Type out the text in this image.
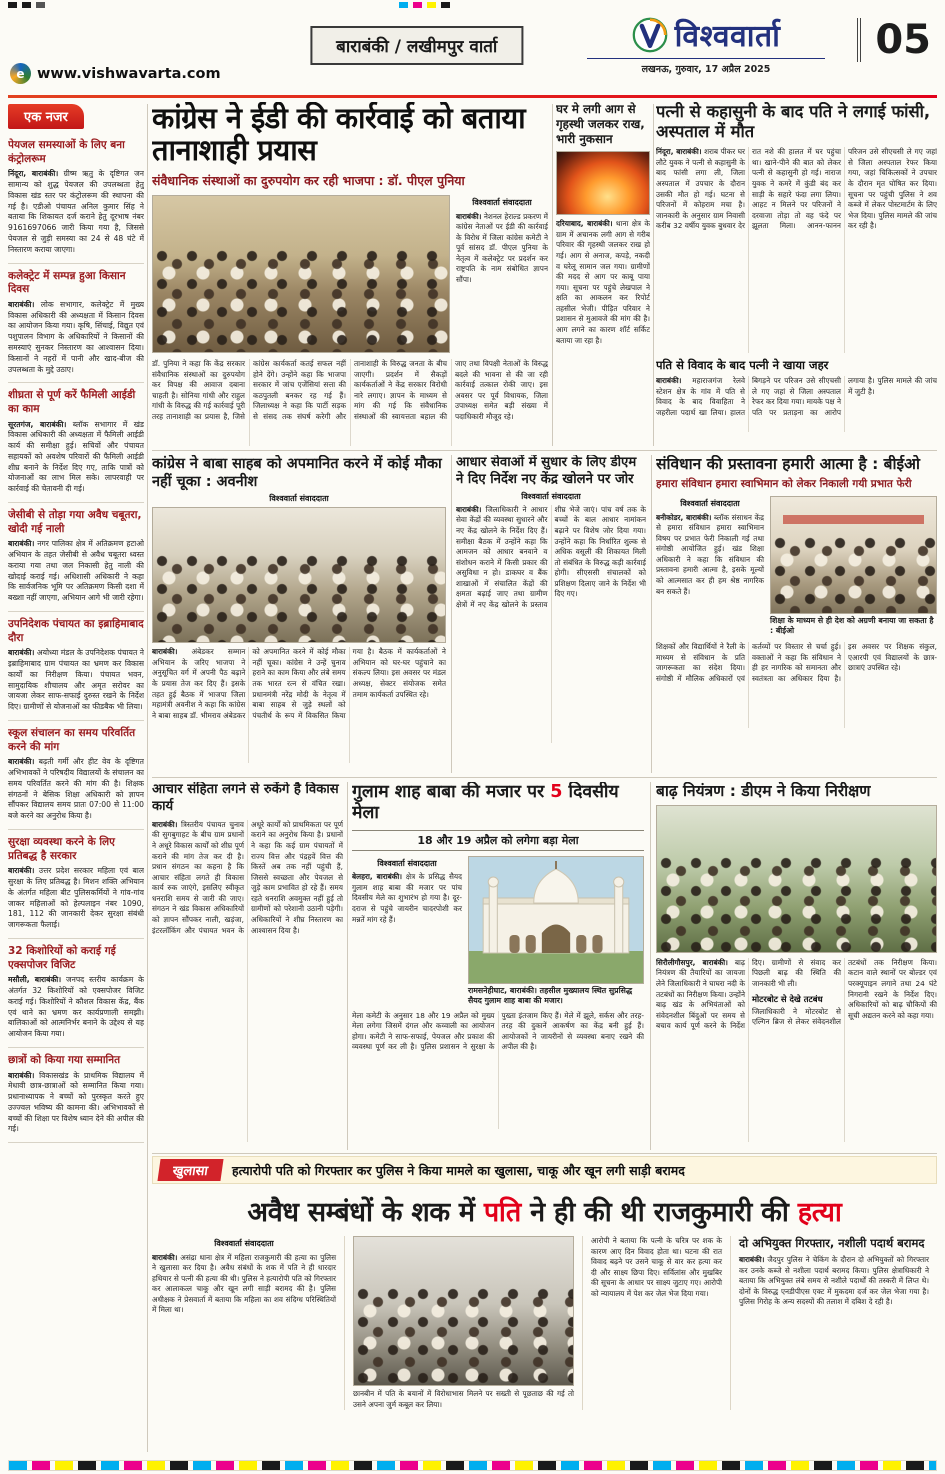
e www.vishwavarta.com
बाराबंकी / लखीमपुर वार्ता	विश्ववार्ता
लखनऊ, गुरुवार, 17 अप्रैल 2025
05
एक नजर
पेयजल समस्याओं के लिए बना कंट्रोलरूम
निंदूरा, बाराबंकी। ग्रीष्म ऋतु के दृष्टिगत जन सामान्य को शुद्ध पेयजल की उपलब्धता हेतु विकास खंड स्तर पर कंट्रोलरूम की स्थापना की गई है। एडीओ पंचायत अनिल कुमार सिंह ने बताया कि शिकायत दर्ज कराने हेतु दूरभाष नंबर 9161697066 जारी किया गया है, जिससे पेयजल से जुड़ी समस्या का 24 से 48 घंटे में निस्तारण कराया जाएगा।
कलेक्ट्रेट में सम्पन्न हुआ किसान दिवस
बाराबंकी। लोक सभागार, कलेक्ट्रेट में मुख्य विकास अधिकारी की अध्यक्षता में किसान दिवस का आयोजन किया गया। कृषि, सिंचाई, विद्युत एवं पशुपालन विभाग के अधिकारियों ने किसानों की समस्याएं सुनकर निस्तारण का आश्वासन दिया। किसानों ने नहरों में पानी और खाद-बीज की उपलब्धता के मुद्दे उठाए।
शीघ्रता से पूर्ण करें फैमिली आईडी का काम
सूरतगंज, बाराबंकी। ब्लॉक सभागार में खंड विकास अधिकारी की अध्यक्षता में फैमिली आईडी कार्य की समीक्षा हुई। सचिवों और पंचायत सहायकों को अवशेष परिवारों की फैमिली आईडी शीघ्र बनाने के निर्देश दिए गए, ताकि पात्रों को योजनाओं का लाभ मिल सके। लापरवाही पर कार्रवाई की चेतावनी दी गई।
जेसीबी से तोड़ा गया अवैध चबूतरा, खोदी गई नाली
बाराबंकी। नगर पालिका क्षेत्र में अतिक्रमण हटाओ अभियान के तहत जेसीबी से अवैध चबूतरा ध्वस्त कराया गया तथा जल निकासी हेतु नाली की खोदाई कराई गई। अधिशासी अधिकारी ने कहा कि सार्वजनिक भूमि पर अतिक्रमण किसी दशा में बख्शा नहीं जाएगा, अभियान आगे भी जारी रहेगा।
उपनिदेशक पंचायत का इब्राहिमाबाद दौरा
बाराबंकी। अयोध्या मंडल के उपनिदेशक पंचायत ने इब्राहिमाबाद ग्राम पंचायत का भ्रमण कर विकास कार्यों का निरीक्षण किया। पंचायत भवन, सामुदायिक शौचालय और अमृत सरोवर का जायजा लेकर साफ-सफाई दुरुस्त रखने के निर्देश दिए। ग्रामीणों से योजनाओं का फीडबैक भी लिया।
स्कूल संचालन का समय परिवर्तित करने की मांग
बाराबंकी। बढ़ती गर्मी और हीट वेव के दृष्टिगत अभिभावकों ने परिषदीय विद्यालयों के संचालन का समय परिवर्तित करने की मांग की है। शिक्षक संगठनों ने बेसिक शिक्षा अधिकारी को ज्ञापन सौंपकर विद्यालय समय प्रातः 07:00 से 11:00 बजे करने का अनुरोध किया है।
सुरक्षा व्यवस्था करने के लिए प्रतिबद्ध है सरकार
बाराबंकी। उत्तर प्रदेश सरकार महिला एवं बाल सुरक्षा के लिए प्रतिबद्ध है। मिशन शक्ति अभियान के अंतर्गत महिला बीट पुलिसकर्मियों ने गांव-गांव जाकर महिलाओं को हेल्पलाइन नंबर 1090, 181, 112 की जानकारी देकर सुरक्षा संबंधी जागरूकता फैलाई।
32 किशोरियों को कराई गई एक्सपोजर विजिट
मसौली, बाराबंकी। जनपद स्तरीय कार्यक्रम के अंतर्गत 32 किशोरियों को एक्सपोजर विजिट कराई गई। किशोरियों ने कौशल विकास केंद्र, बैंक एवं थाने का भ्रमण कर कार्यप्रणाली समझी। बालिकाओं को आत्मनिर्भर बनाने के उद्देश्य से यह आयोजन किया गया।
छात्रों को किया गया सम्मानित
बाराबंकी। विकासखंड के प्राथमिक विद्यालय में मेधावी छात्र-छात्राओं को सम्मानित किया गया। प्रधानाध्यापक ने बच्चों को पुरस्कृत करते हुए उज्ज्वल भविष्य की कामना की। अभिभावकों से बच्चों की शिक्षा पर विशेष ध्यान देने की अपील की गई।
कांग्रेस ने ईडी की कार्रवाई को बताया तानाशाही प्रयास
संवैधानिक संस्थाओं का दुरुपयोग कर रही भाजपा : डॉ. पीएल पुनिया
विश्ववार्ता संवाददाता
बाराबंकी। नेशनल हेराल्ड प्रकरण में कांग्रेस नेताओं पर ईडी की कार्रवाई के विरोध में जिला कांग्रेस कमेटी ने पूर्व सांसद डॉ. पीएल पुनिया के नेतृत्व में कलेक्ट्रेट पर प्रदर्शन कर राष्ट्रपति के नाम संबोधित ज्ञापन सौंपा।
डॉ. पुनिया ने कहा कि केंद्र सरकार संवैधानिक संस्थाओं का दुरुपयोग कर विपक्ष की आवाज दबाना चाहती है। सोनिया गांधी और राहुल गांधी के विरुद्ध की गई कार्रवाई पूरी तरह तानाशाही का प्रयास है, जिसे कांग्रेस कार्यकर्ता कतई सफल नहीं होने देंगे। उन्होंने कहा कि भाजपा सरकार में जांच एजेंसियां सत्ता की कठपुतली बनकर रह गई हैं। जिलाध्यक्ष ने कहा कि पार्टी सड़क से संसद तक संघर्ष करेगी और तानाशाही के विरुद्ध जनता के बीच जाएगी। प्रदर्शन में सैकड़ों कार्यकर्ताओं ने केंद्र सरकार विरोधी नारे लगाए। ज्ञापन के माध्यम से मांग की गई कि संवैधानिक संस्थाओं की स्वायत्तता बहाल की जाए तथा विपक्षी नेताओं के विरुद्ध बदले की भावना से की जा रही कार्रवाई तत्काल रोकी जाए। इस अवसर पर पूर्व विधायक, जिला उपाध्यक्ष समेत बड़ी संख्या में पदाधिकारी मौजूद रहे।
घर मे लगी आग से गृहस्थी जलकर राख, भारी नुकसान
दरियाबाद, बाराबंकी। थाना क्षेत्र के ग्राम में अचानक लगी आग से गरीब परिवार की गृहस्थी जलकर राख हो गई। आग से अनाज, कपड़े, नकदी व घरेलू सामान जल गया। ग्रामीणों की मदद से आग पर काबू पाया गया। सूचना पर पहुंचे लेखपाल ने क्षति का आकलन कर रिपोर्ट तहसील भेजी। पीड़ित परिवार ने प्रशासन से मुआवजे की मांग की है। आग लगने का कारण शॉर्ट सर्किट बताया जा रहा है।
पत्नी से कहासुनी के बाद पति ने लगाई फांसी, अस्पताल में मौत
निंदूरा, बाराबंकी। शराब पीकर घर लौटे युवक ने पत्नी से कहासुनी के बाद फांसी लगा ली, जिला अस्पताल में उपचार के दौरान उसकी मौत हो गई। घटना से परिजनों में कोहराम मचा है। जानकारी के अनुसार ग्राम निवासी करीब 32 वर्षीय युवक बुधवार देर रात नशे की हालत में घर पहुंचा था। खाने-पीने की बात को लेकर पत्नी से कहासुनी हो गई। नाराज युवक ने कमरे में कुंडी बंद कर साड़ी के सहारे फंदा लगा लिया। आहट न मिलने पर परिजनों ने दरवाजा तोड़ा तो वह फंदे पर झूलता मिला। आनन-फानन परिजन उसे सीएचसी ले गए जहां से जिला अस्पताल रेफर किया गया, जहां चिकित्सकों ने उपचार के दौरान मृत घोषित कर दिया। सूचना पर पहुंची पुलिस ने शव कब्जे में लेकर पोस्टमार्टम के लिए भेज दिया। पुलिस मामले की जांच कर रही है।
पति से विवाद के बाद पत्नी ने खाया जहर
बाराबंकी। महाराजगंज रेलवे स्टेशन क्षेत्र के गांव में पति से विवाद के बाद विवाहिता ने जहरीला पदार्थ खा लिया। हालत बिगड़ने पर परिजन उसे सीएचसी ले गए जहां से जिला अस्पताल रेफर कर दिया गया। मायके पक्ष ने पति पर प्रताड़ना का आरोप लगाया है। पुलिस मामले की जांच में जुटी है।
कांग्रेस ने बाबा साहब को अपमानित करने में कोई मौका नहीं चूका : अवनीश
विश्ववार्ता संवाददाता
बाराबंकी। अंबेडकर सम्मान अभियान के जरिए भाजपा ने अनुसूचित वर्ग में अपनी पैठ बढ़ाने के प्रयास तेज कर दिए हैं। इसके तहत हुई बैठक में भाजपा जिला महामंत्री अवनीश ने कहा कि कांग्रेस ने बाबा साहब डॉ. भीमराव अंबेडकर को अपमानित करने में कोई मौका नहीं चूका। कांग्रेस ने उन्हें चुनाव हराने का काम किया और लंबे समय तक भारत रत्न से वंचित रखा। प्रधानमंत्री नरेंद्र मोदी के नेतृत्व में बाबा साहब से जुड़े स्थलों को पंचतीर्थ के रूप में विकसित किया गया है। बैठक में कार्यकर्ताओं ने अभियान को घर-घर पहुंचाने का संकल्प लिया। इस अवसर पर मंडल अध्यक्ष, सेक्टर संयोजक समेत तमाम कार्यकर्ता उपस्थित रहे।
आधार सेवाओं में सुधार के लिए डीएम ने दिए निर्देश नए केंद्र खोलने पर जोर
विश्ववार्ता संवाददाता
बाराबंकी। जिलाधिकारी ने आधार सेवा केंद्रों की व्यवस्था सुधारने और नए केंद्र खोलने के निर्देश दिए हैं। समीक्षा बैठक में उन्होंने कहा कि आमजन को आधार बनवाने व संशोधन कराने में किसी प्रकार की असुविधा न हो। डाकघर व बैंक शाखाओं में संचालित केंद्रों की क्षमता बढ़ाई जाए तथा ग्रामीण क्षेत्रों में नए केंद्र खोलने के प्रस्ताव शीघ्र भेजे जाएं। पांच वर्ष तक के बच्चों के बाल आधार नामांकन बढ़ाने पर विशेष जोर दिया गया। उन्होंने कहा कि निर्धारित शुल्क से अधिक वसूली की शिकायत मिली तो संबंधित के विरुद्ध कड़ी कार्रवाई होगी। सीएससी संचालकों को प्रशिक्षण दिलाए जाने के निर्देश भी दिए गए।
संविधान की प्रस्तावना हमारी आत्मा है : बीईओ
हमारा संविधान हमारा स्वाभिमान को लेकर निकाली गयी प्रभात फेरी
विश्ववार्ता संवाददाता
बनीकोडर, बाराबंकी। ब्लॉक संसाधन केंद्र से हमारा संविधान हमारा स्वाभिमान विषय पर प्रभात फेरी निकाली गई तथा संगोष्ठी आयोजित हुई। खंड शिक्षा अधिकारी ने कहा कि संविधान की प्रस्तावना हमारी आत्मा है, इसके मूल्यों को आत्मसात कर ही हम श्रेष्ठ नागरिक बन सकते हैं।
शिक्षा के माध्यम से ही देश को अग्रणी बनाया जा सकता है : बीईओ
शिक्षकों और विद्यार्थियों ने रैली के माध्यम से संविधान के प्रति जागरूकता का संदेश दिया। संगोष्ठी में मौलिक अधिकारों एवं कर्तव्यों पर विस्तार से चर्चा हुई। वक्ताओं ने कहा कि संविधान ने ही हर नागरिक को समानता और स्वतंत्रता का अधिकार दिया है। इस अवसर पर शिक्षक संकुल, एआरपी एवं विद्यालयों के छात्र-छात्राएं उपस्थित रहे।
आचार संहिता लगने से रुकेंगे है विकास कार्य
बाराबंकी। त्रिस्तरीय पंचायत चुनाव की सुगबुगाहट के बीच ग्राम प्रधानों ने अधूरे विकास कार्यों को शीघ्र पूर्ण कराने की मांग तेज कर दी है। प्रधान संगठन का कहना है कि आचार संहिता लगते ही विकास कार्य रुक जाएंगे, इसलिए स्वीकृत धनराशि समय से जारी की जाए। संगठन ने खंड विकास अधिकारियों को ज्ञापन सौंपकर नाली, खड़ंजा, इंटरलॉकिंग और पंचायत भवन के अधूरे कार्यों को प्राथमिकता पर पूर्ण कराने का अनुरोध किया है। प्रधानों ने कहा कि कई ग्राम पंचायतों में राज्य वित्त और पंद्रहवें वित्त की किस्तें अब तक नहीं पहुंची हैं, जिससे स्वच्छता और पेयजल से जुड़े काम प्रभावित हो रहे हैं। समय रहते धनराशि अवमुक्त नहीं हुई तो ग्रामीणों को परेशानी उठानी पड़ेगी। अधिकारियों ने शीघ्र निस्तारण का आश्वासन दिया है।
गुलाम शाह बाबा की मजार पर 5 दिवसीय मेला
18 और 19 अप्रैल को लगेगा बड़ा मेला
विश्ववार्ता संवाददाता
बेलहरा, बाराबंकी। क्षेत्र के प्रसिद्ध सैयद गुलाम शाह बाबा की मजार पर पांच दिवसीय मेले का शुभारंभ हो गया है। दूर-दराज से पहुंचे जायरीन चादरपोशी कर मन्नतें मांग रहे हैं।
रामसनेहीघाट, बाराबंकी। तहसील मुख्यालय स्थित सुप्रसिद्ध सैयद गुलाम शाह बाबा की मजार।
मेला कमेटी के अनुसार 18 और 19 अप्रैल को मुख्य मेला लगेगा जिसमें दंगल और कव्वाली का आयोजन होगा। कमेटी ने साफ-सफाई, पेयजल और प्रकाश की व्यवस्था पूर्ण कर ली है। पुलिस प्रशासन ने सुरक्षा के पुख्ता इंतजाम किए हैं। मेले में झूले, सर्कस और तरह-तरह की दुकानें आकर्षण का केंद्र बनी हुई हैं। आयोजकों ने जायरीनों से व्यवस्था बनाए रखने की अपील की है।
बाढ़ नियंत्रण : डीएम ने किया निरीक्षण
सिरौलीगौसपुर, बाराबंकी। बाढ़ नियंत्रण की तैयारियों का जायजा लेने जिलाधिकारी ने घाघरा नदी के तटबंधों का निरीक्षण किया। उन्होंने बाढ़ खंड के अभियंताओं को संवेदनशील बिंदुओं पर समय से बचाव कार्य पूर्ण करने के निर्देश दिए। ग्रामीणों से संवाद कर पिछली बाढ़ की स्थिति की जानकारी भी ली।
मोटरबोट से देखे तटबंध
जिलाधिकारी ने मोटरबोट से एल्गिन ब्रिज से लेकर संवेदनशील तटबंधों तक निरीक्षण किया। कटान वाले स्थानों पर बोल्डर एवं परक्यूपाइन लगाने तथा 24 घंटे निगरानी रखने के निर्देश दिए। अधिकारियों को बाढ़ चौकियों की सूची अद्यतन करने को कहा गया।
खुलासा	हत्यारोपी पति को गिरफ्तार कर पुलिस ने किया मामले का खुलासा, चाकू और खून लगी साड़ी बरामद
अवैध सम्बंधों के शक में पति ने ही की थी राजकुमारी की हत्या
विश्ववार्ता संवाददाता
बाराबंकी। असंद्रा थाना क्षेत्र में महिला राजकुमारी की हत्या का पुलिस ने खुलासा कर दिया है। अवैध संबंधों के शक में पति ने ही धारदार हथियार से पत्नी की हत्या की थी। पुलिस ने हत्यारोपी पति को गिरफ्तार कर आलाकत्ल चाकू और खून लगी साड़ी बरामद की है। पुलिस अधीक्षक ने प्रेसवार्ता में बताया कि महिला का शव संदिग्ध परिस्थितियों में मिला था।
छानबीन में पति के बयानों में विरोधाभास मिलने पर सख्ती से पूछताछ की गई तो उसने अपना जुर्म कबूल कर लिया।
आरोपी ने बताया कि पत्नी के चरित्र पर शक के कारण आए दिन विवाद होता था। घटना की रात विवाद बढ़ने पर उसने चाकू से वार कर हत्या कर दी और साक्ष्य छिपा दिए। सर्विलांस और मुखबिर की सूचना के आधार पर साक्ष्य जुटाए गए। आरोपी को न्यायालय में पेश कर जेल भेज दिया गया।
दो अभियुक्त गिरफ्तार, नशीली पदार्थ बरामद
बाराबंकी। जैदपुर पुलिस ने चेकिंग के दौरान दो अभियुक्तों को गिरफ्तार कर उनके कब्जे से नशीला पदार्थ बरामद किया। पुलिस क्षेत्राधिकारी ने बताया कि अभियुक्त लंबे समय से नशीले पदार्थों की तस्करी में लिप्त थे। दोनों के विरुद्ध एनडीपीएस एक्ट में मुकदमा दर्ज कर जेल भेजा गया है। पुलिस गिरोह के अन्य सदस्यों की तलाश में दबिश दे रही है।
